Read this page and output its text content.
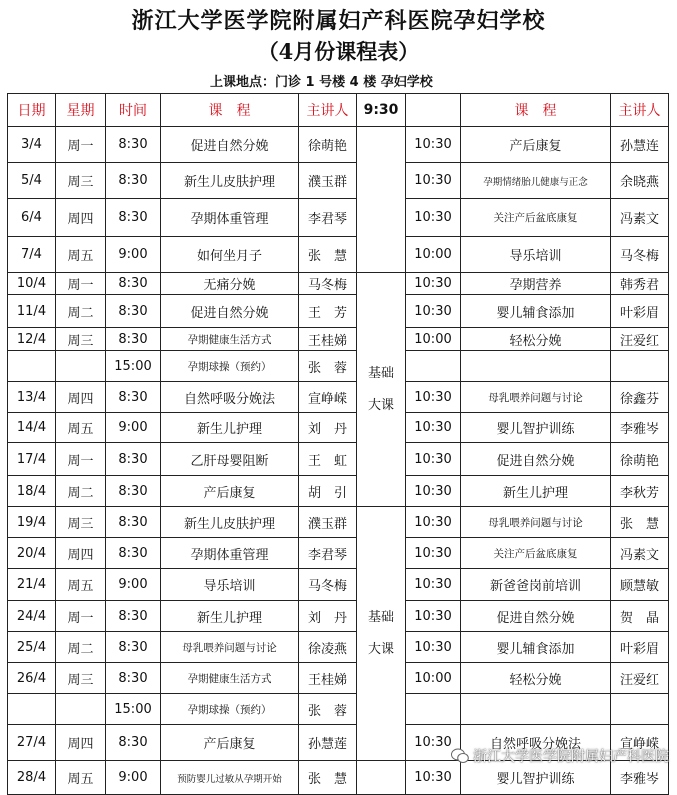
浙江大学医学院附属妇产科医院孕妇学校
（4月份课程表）
上课地点：门诊 1 号楼 4 楼 孕妇学校
日期	星期	时间	课　程	主讲人	9:30		课　程	主讲人
3/4	周一	8:30	促进自然分娩	徐萌艳		10:30	产后康复	孙慧连
5/4	周三	8:30	新生儿皮肤护理	濮玉群		10:30	孕期情绪胎儿健康与正念	余晓燕
6/4	周四	8:30	孕期体重管理	李君琴		10:30	关注产后盆底康复	冯素文
7/4	周五	9:00	如何坐月子	张　慧		10:00	导乐培训	马冬梅
10/4	周一	8:30	无痛分娩	马冬梅	基础大课	10:30	孕期营养	韩秀君
11/4	周二	8:30	促进自然分娩	王　芳		10:30	婴儿辅食添加	叶彩眉
12/4	周三	8:30	孕期健康生活方式	王桂娣		10:00	轻松分娩	汪爱红
		15:00	孕期球操（预约）	张　蓉				
13/4	周四	8:30	自然呼吸分娩法	宣峥嵘		10:30	母乳喂养问题与讨论	徐鑫芬
14/4	周五	9:00	新生儿护理	刘　丹		10:30	婴儿智护训练	李雅岑
17/4	周一	8:30	乙肝母婴阻断	王　虹		10:30	促进自然分娩	徐萌艳
18/4	周二	8:30	产后康复	胡　引		10:30	新生儿护理	李秋芳
19/4	周三	8:30	新生儿皮肤护理	濮玉群	基础大课	10:30	母乳喂养问题与讨论	张　慧
20/4	周四	8:30	孕期体重管理	李君琴		10:30	关注产后盆底康复	冯素文
21/4	周五	9:00	导乐培训	马冬梅		10:30	新爸爸岗前培训	顾慧敏
24/4	周一	8:30	新生儿护理	刘　丹		10:30	促进自然分娩	贺　晶
25/4	周二	8:30	母乳喂养问题与讨论	徐凌燕		10:30	婴儿辅食添加	叶彩眉
26/4	周三	8:30	孕期健康生活方式	王桂娣		10:00	轻松分娩	汪爱红
		15:00	孕期球操（预约）	张　蓉				
27/4	周四	8:30	产后康复	孙慧莲		10:30	自然呼吸分娩法	宣峥嵘
28/4	周五	9:00	预防婴儿过敏从孕期开始	张　慧		10:30	婴儿智护训练	李雅岑
浙江大学医学院附属妇产科医院
